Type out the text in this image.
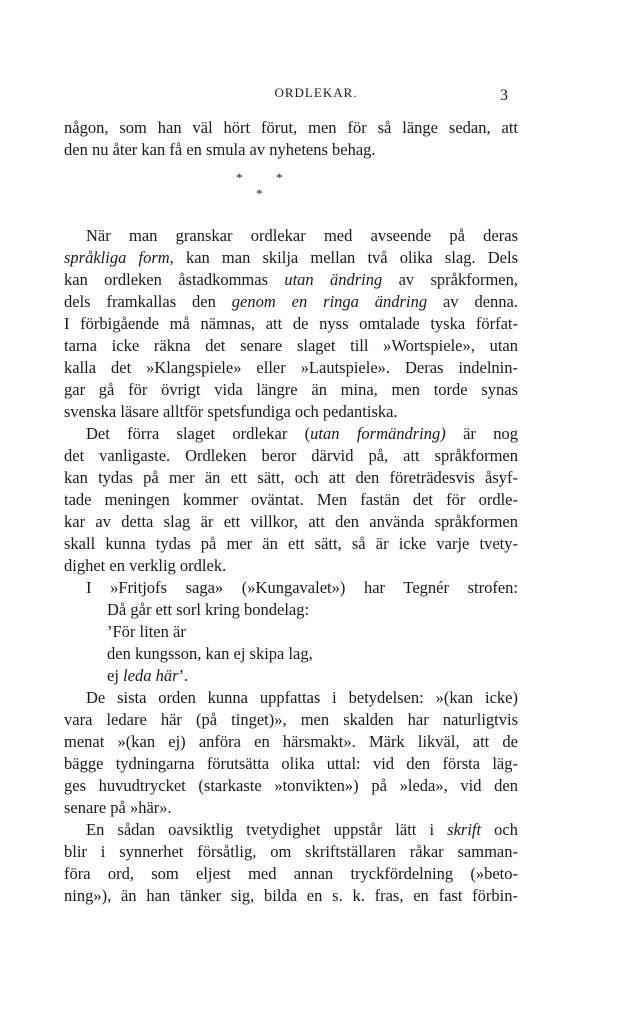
ORDLEKAR.	3
*	*
*
någon, som han väl hört förut, men för så länge sedan, att
den nu åter kan få en smula av nyhetens behag.
När man granskar ordlekar med avseende på deras
språkliga form, kan man skilja mellan två olika slag. Dels
kan ordleken åstadkommas utan ändring av språkformen,
dels framkallas den genom en ringa ändring av denna.
I förbigående må nämnas, att de nyss omtalade tyska förfat-
tarna icke räkna det senare slaget till »Wortspiele», utan
kalla det »Klangspiele» eller »Lautspiele». Deras indelnin-
gar gå för övrigt vida längre än mina, men torde synas
svenska läsare alltför spetsfundiga och pedantiska.
Det förra slaget ordlekar (utan formändring) är nog
det vanligaste. Ordleken beror därvid på, att språkformen
kan tydas på mer än ett sätt, och att den företrädesvis åsyf-
tade meningen kommer oväntat. Men fastän det för ordle-
kar av detta slag är ett villkor, att den använda språkformen
skall kunna tydas på mer än ett sätt, så är icke varje tvety-
dighet en verklig ordlek.
I »Fritjofs saga» (»Kungavalet») har Tegnér strofen:
Då går ett sorl kring bondelag:
’För liten är
den kungsson, kan ej skipa lag,
ej leda här’.
De sista orden kunna uppfattas i betydelsen: »(kan icke)
vara ledare här (på tinget)», men skalden har naturligtvis
menat »(kan ej) anföra en härsmakt». Märk likväl, att de
bägge tydningarna förutsätta olika uttal: vid den första läg-
ges huvudtrycket (starkaste »tonvikten») på »leda», vid den
senare på »här».
En sådan oavsiktlig tvetydighet uppstår lätt i skrift och
blir i synnerhet försåtlig, om skriftställaren råkar samman-
föra ord, som eljest med annan tryckfördelning (»beto-
ning»), än han tänker sig, bilda en s. k. fras, en fast förbin-
